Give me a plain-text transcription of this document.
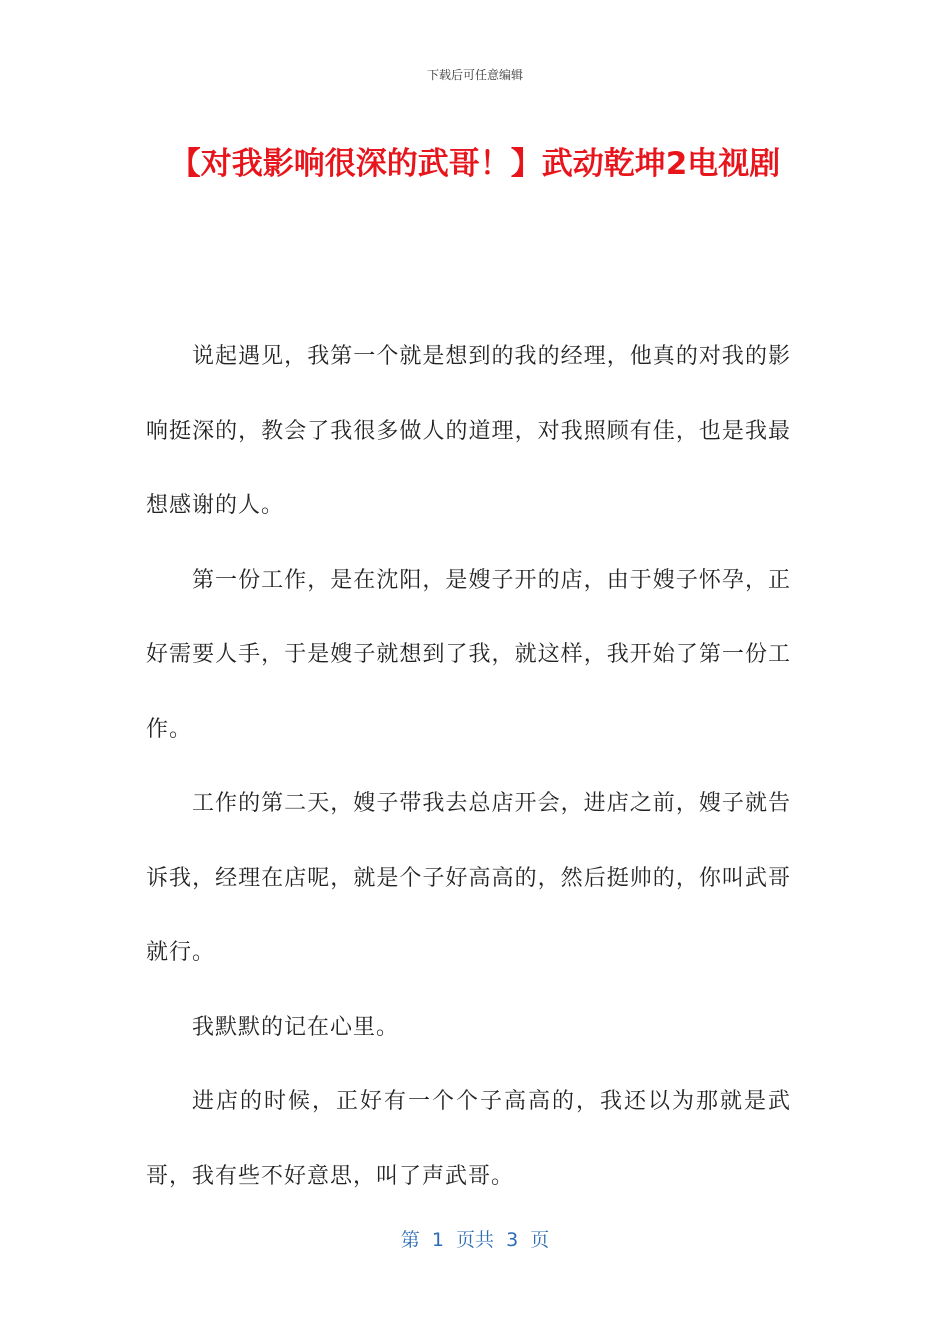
下载后可任意编辑
【对我影响很深的武哥！】武动乾坤2电视剧

说起遇见，我第一个就是想到的我的经理，他真的对我的影响挺深的，教会了我很多做人的道理，对我照顾有佳，也是我最想感谢的人。

第一份工作，是在沈阳，是嫂子开的店，由于嫂子怀孕，正好需要人手，于是嫂子就想到了我，就这样，我开始了第一份工作。

工作的第二天，嫂子带我去总店开会，进店之前，嫂子就告诉我，经理在店呢，就是个子好高高的，然后挺帅的，你叫武哥就行。

我默默的记在心里。

进店的时候，正好有一个个子高高的，我还以为那就是武哥，我有些不好意思，叫了声武哥。

第  1  页共  3  页
